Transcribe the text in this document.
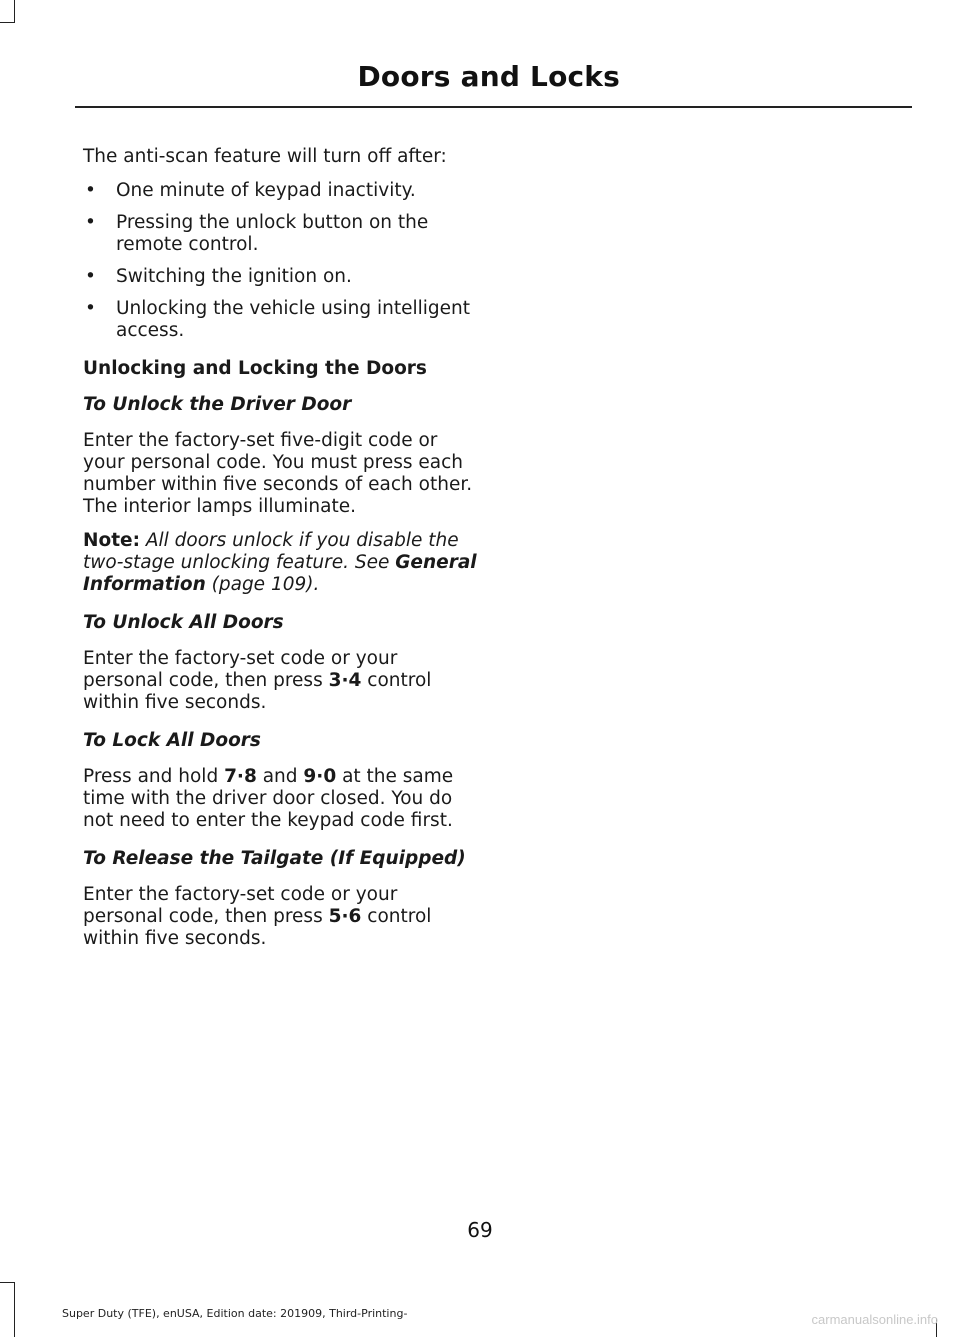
Doors and Locks

The anti-scan feature will turn off after:

• One minute of keypad inactivity.
• Pressing the unlock button on the remote control.
• Switching the ignition on.
• Unlocking the vehicle using intelligent access.

Unlocking and Locking the Doors

To Unlock the Driver Door

Enter the factory-set five-digit code or your personal code. You must press each number within five seconds of each other. The interior lamps illuminate.

Note: All doors unlock if you disable the two-stage unlocking feature. See General Information (page 109).

To Unlock All Doors

Enter the factory-set code or your personal code, then press 3·4 control within five seconds.

To Lock All Doors

Press and hold 7·8 and 9·0 at the same time with the driver door closed. You do not need to enter the keypad code first.

To Release the Tailgate (If Equipped)

Enter the factory-set code or your personal code, then press 5·6 control within five seconds.

69
Super Duty (TFE), enUSA, Edition date: 201909, Third-Printing-	carmanualsonline.info
